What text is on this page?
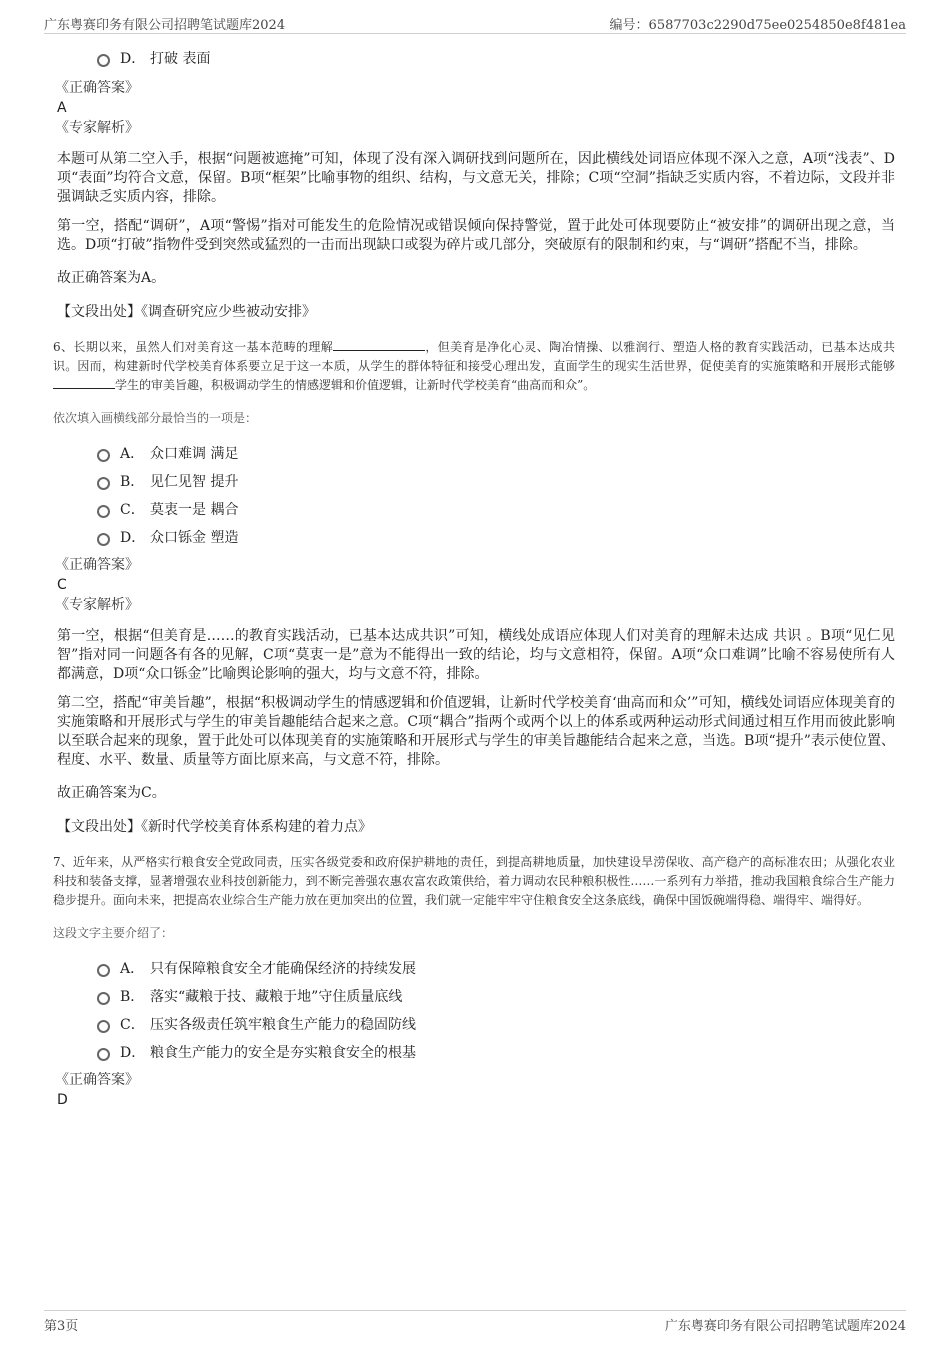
广东粤赛印务有限公司招聘笔试题库2024	编号：6587703c2290d75ee0254850e8f481ea
D． 打破 表面
《正确答案》
A
《专家解析》

本题可从第二空入手，根据“问题被遮掩”可知，体现了没有深入调研找到问题所在，因此横线处词语应体现不深入之意，A项“浅表”、D项“表面”均符合文意，保留。B项“框架”比喻事物的组织、结构，与文意无关，排除；C项“空洞”指缺乏实质内容，不着边际，文段并非强调缺乏实质内容，排除。

第一空，搭配“调研”，A项“警惕”指对可能发生的危险情况或错误倾向保持警觉，置于此处可体现要防止“被安排”的调研出现之意，当选。D项“打破”指物件受到突然或猛烈的一击而出现缺口或裂为碎片或几部分，突破原有的限制和约束，与“调研”搭配不当，排除。

故正确答案为A。

【文段出处】《调查研究应少些被动安排》

6、长期以来，虽然人们对美育这一基本范畴的理解	，但美育是净化心灵、陶冶情操、以雅润行、塑造人格的教育实践活动，已基本达成共识。因而，构建新时代学校美育体系要立足于这一本质，从学生的群体特征和接受心理出发，直面学生的现实生活世界，促使美育的实施策略和开展形式能够学生的审美旨趣，积极调动学生的情感逻辑和价值逻辑，让新时代学校美育“曲高而和众”。

依次填入画横线部分最恰当的一项是：
A． 众口难调 满足
B． 见仁见智 提升
C． 莫衷一是 耦合
D． 众口铄金 塑造
《正确答案》
C
《专家解析》

第一空，根据“但美育是……的教育实践活动，已基本达成共识”可知，横线处成语应体现人们对美育的理解未达成 共识 。B项“见仁见智”指对同一问题各有各的见解，C项“莫衷一是”意为不能得出一致的结论，均与文意相符，保留。A项“众口难调”比喻不容易使所有人都满意，D项“众口铄金”比喻舆论影响的强大，均与文意不符，排除。

第二空，搭配“审美旨趣”，根据“积极调动学生的情感逻辑和价值逻辑，让新时代学校美育‘曲高而和众’”可知，横线处词语应体现美育的实施策略和开展形式与学生的审美旨趣能结合起来之意。C项“耦合”指两个或两个以上的体系或两种运动形式间通过相互作用而彼此影响以至联合起来的现象，置于此处可以体现美育的实施策略和开展形式与学生的审美旨趣能结合起来之意，当选。B项“提升”表示使位置、程度、水平、数量、质量等方面比原来高，与文意不符，排除。

故正确答案为C。

【文段出处】《新时代学校美育体系构建的着力点》

7、近年来，从严格实行粮食安全党政同责，压实各级党委和政府保护耕地的责任，到提高耕地质量，加快建设旱涝保收、高产稳产的高标准农田；从强化农业科技和装备支撑，显著增强农业科技创新能力，到不断完善强农惠农富农政策供给，着力调动农民种粮积极性……一系列有力举措，推动我国粮食综合生产能力稳步提升。面向未来，把提高农业综合生产能力放在更加突出的位置，我们就一定能牢牢守住粮食安全这条底线，确保中国饭碗端得稳、端得牢、端得好。

这段文字主要介绍了：
A． 只有保障粮食安全才能确保经济的持续发展
B． 落实“藏粮于技、藏粮于地”守住质量底线
C． 压实各级责任筑牢粮食生产能力的稳固防线
D． 粮食生产能力的安全是夯实粮食安全的根基
《正确答案》
D
第3页	广东粤赛印务有限公司招聘笔试题库2024
